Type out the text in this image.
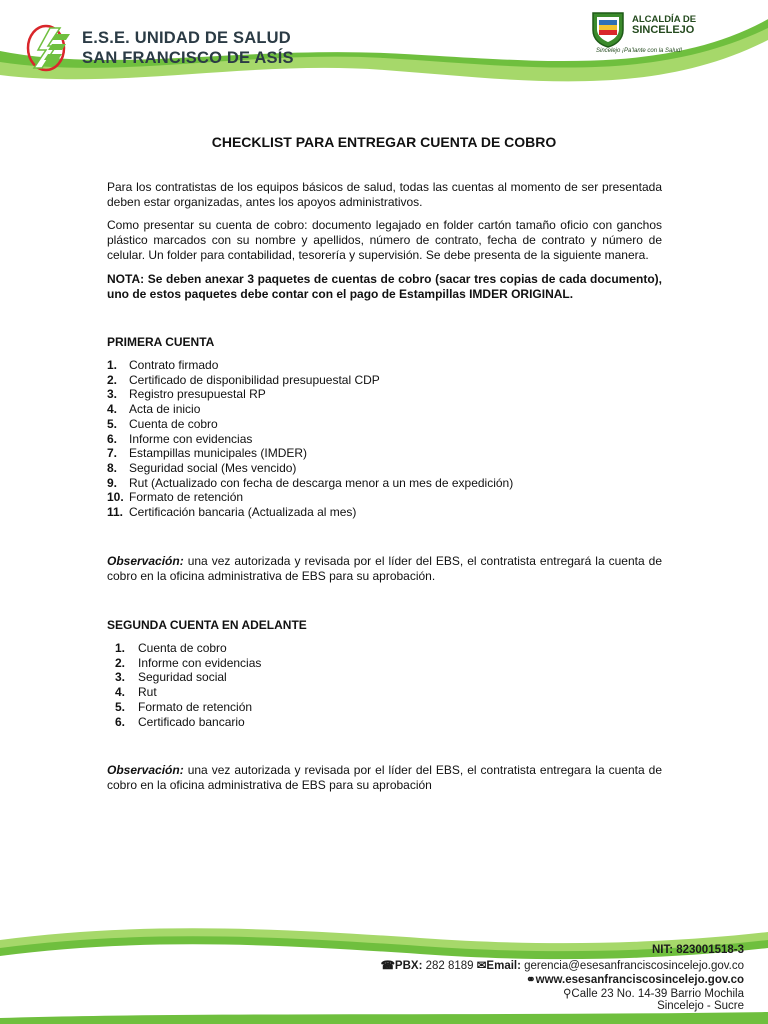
E.S.E. UNIDAD DE SALUD
SAN FRANCISCO DE ASÍS
ALCALDÍA DE
SINCELEJO
Sincelejo ¡Pa’lante con la Salud!
CHECKLIST PARA ENTREGAR CUENTA DE COBRO
Para los contratistas de los equipos básicos de salud, todas las cuentas al momento de ser presentada deben estar organizadas, antes los apoyos administrativos.
Como presentar su cuenta de cobro: documento legajado en folder cartón tamaño oficio con ganchos plástico marcados con su nombre y apellidos, número de contrato, fecha de contrato y número de celular. Un folder para contabilidad, tesorería y supervisión. Se debe presenta de la siguiente manera.
NOTA: Se deben anexar 3 paquetes de cuentas de cobro (sacar tres copias de cada documento), uno de estos paquetes debe contar con el pago de Estampillas IMDER ORIGINAL.
PRIMERA CUENTA
1. Contrato firmado
2. Certificado de disponibilidad presupuestal CDP
3. Registro presupuestal RP
4. Acta de inicio
5. Cuenta de cobro
6. Informe con evidencias
7. Estampillas municipales (IMDER)
8. Seguridad social (Mes vencido)
9. Rut (Actualizado con fecha de descarga menor a un mes de expedición)
10. Formato de retención
11. Certificación bancaria (Actualizada al mes)
Observación: una vez autorizada y revisada por el líder del EBS, el contratista entregará la cuenta de cobro en la oficina administrativa de EBS para su aprobación.
SEGUNDA CUENTA EN ADELANTE
1. Cuenta de cobro
2. Informe con evidencias
3. Seguridad social
4. Rut
5. Formato de retención
6. Certificado bancario
Observación: una vez autorizada y revisada por el líder del EBS, el contratista entregara la cuenta de cobro en la oficina administrativa de EBS para su aprobación
NIT: 823001518-3
☎PBX: 282 8189 ✉Email: gerencia@esesanfranciscosincelejo.gov.co
⚭www.esesanfranciscosincelejo.gov.co
⚲Calle 23 No. 14-39 Barrio Mochila
Sincelejo - Sucre
